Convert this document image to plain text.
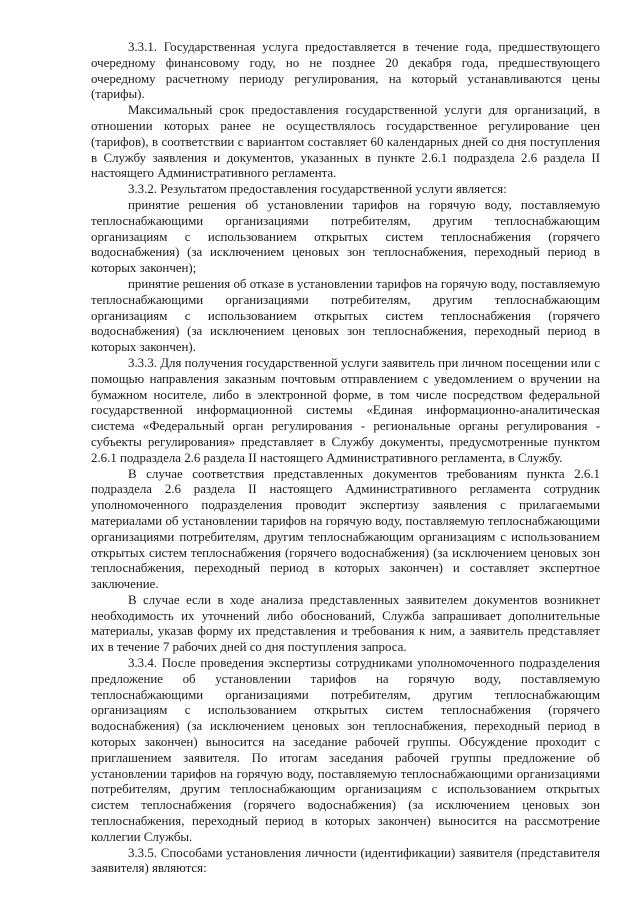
3.3.1. Государственная услуга предоставляется в течение года, предшествующего очередному финансовому году, но не позднее 20 декабря года, предшествующего очередному расчетному периоду регулирования, на который устанавливаются цены (тарифы).

Максимальный срок предоставления государственной услуги для организаций, в отношении которых ранее не осуществлялось государственное регулирование цен (тарифов), в соответствии с вариантом составляет 60 календарных дней со дня поступления в Службу заявления и документов, указанных в пункте 2.6.1 подраздела 2.6 раздела II настоящего Административного регламента.

3.3.2. Результатом предоставления государственной услуги является:

принятие решения об установлении тарифов на горячую воду, поставляемую теплоснабжающими организациями потребителям, другим теплоснабжающим организациям с использованием открытых систем теплоснабжения (горячего водоснабжения) (за исключением ценовых зон теплоснабжения, переходный период в которых закончен);

принятие решения об отказе в установлении тарифов на горячую воду, поставляемую теплоснабжающими организациями потребителям, другим теплоснабжающим организациям с использованием открытых систем теплоснабжения (горячего водоснабжения) (за исключением ценовых зон теплоснабжения, переходный период в которых закончен).

3.3.3. Для получения государственной услуги заявитель при личном посещении или с помощью направления заказным почтовым отправлением с уведомлением о вручении на бумажном носителе, либо в электронной форме, в том числе посредством федеральной государственной информационной системы «Единая информационно-аналитическая система «Федеральный орган регулирования - региональные органы регулирования - субъекты регулирования» представляет в Службу документы, предусмотренные пунктом 2.6.1 подраздела 2.6 раздела II настоящего Административного регламента, в Службу.

В случае соответствия представленных документов требованиям пункта 2.6.1 подраздела 2.6 раздела II настоящего Административного регламента сотрудник уполномоченного подразделения проводит экспертизу заявления с прилагаемыми материалами об установлении тарифов на горячую воду, поставляемую теплоснабжающими организациями потребителям, другим теплоснабжающим организациям с использованием открытых систем теплоснабжения (горячего водоснабжения) (за исключением ценовых зон теплоснабжения, переходный период в которых закончен) и составляет экспертное заключение.

В случае если в ходе анализа представленных заявителем документов возникнет необходимость их уточнений либо обоснований, Служба запрашивает дополнительные материалы, указав форму их представления и требования к ним, а заявитель представляет их в течение 7 рабочих дней со дня поступления запроса.

3.3.4. После проведения экспертизы сотрудниками уполномоченного подразделения предложение об установлении тарифов на горячую воду, поставляемую теплоснабжающими организациями потребителям, другим теплоснабжающим организациям с использованием открытых систем теплоснабжения (горячего водоснабжения) (за исключением ценовых зон теплоснабжения, переходный период в которых закончен) выносится на заседание рабочей группы. Обсуждение проходит с приглашением заявителя. По итогам заседания рабочей группы предложение об установлении тарифов на горячую воду, поставляемую теплоснабжающими организациями потребителям, другим теплоснабжающим организациям с использованием открытых систем теплоснабжения (горячего водоснабжения) (за исключением ценовых зон теплоснабжения, переходный период в которых закончен) выносится на рассмотрение коллегии Службы.

3.3.5. Способами установления личности (идентификации) заявителя (представителя заявителя) являются:
